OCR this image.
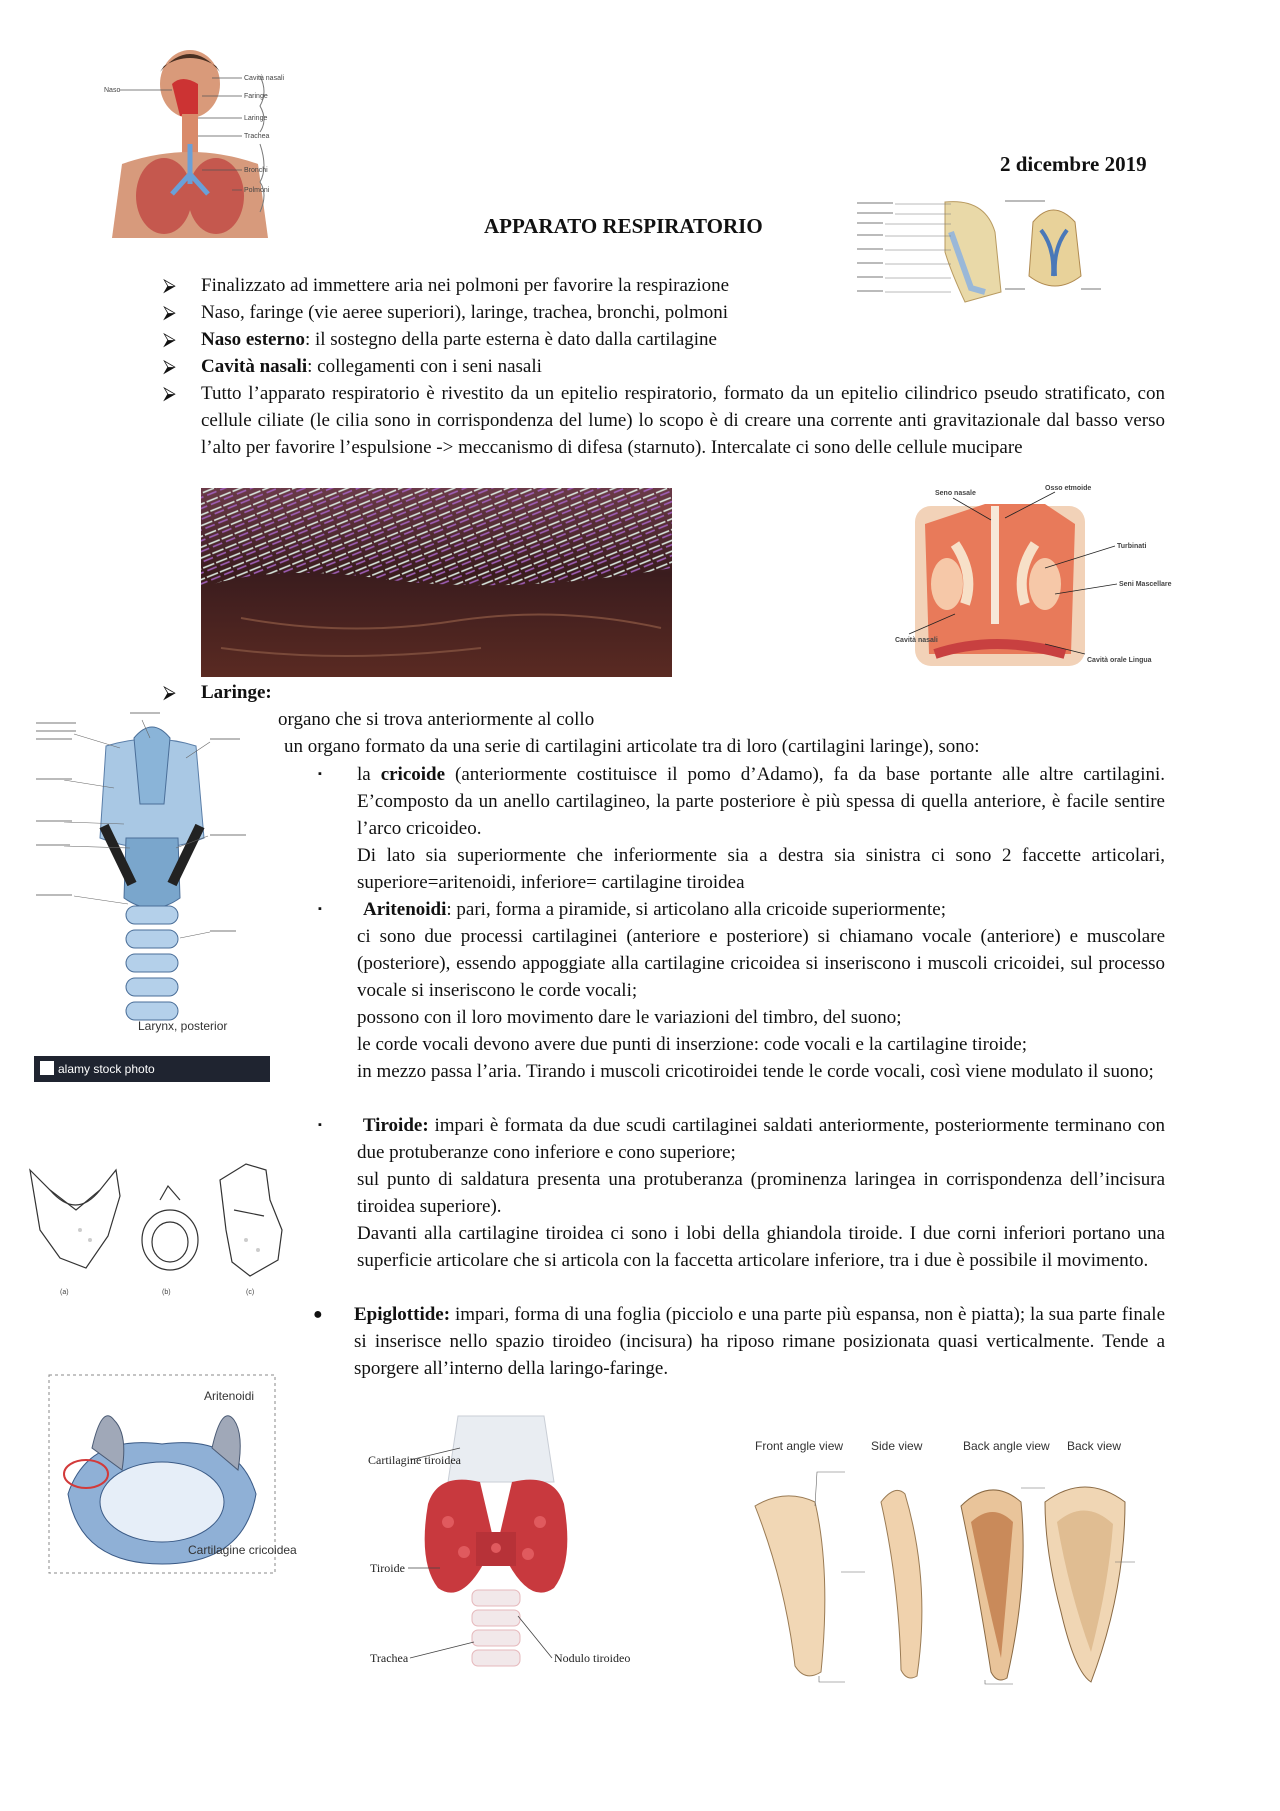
2 dicembre 2019
APPARATO RESPIRATORIO
Naso
Cavità nasali
Faringe
Laringe
Trachea
Bronchi
Polmoni
⮚ Finalizzato ad immettere aria nei polmoni per favorire la respirazione
⮚ Naso, faringe (vie aeree superiori), laringe, trachea, bronchi, polmoni
⮚ Naso esterno: il sostegno della parte esterna è dato dalla cartilagine
⮚ Cavità nasali: collegamenti con i seni nasali
⮚ Tutto l’apparato respiratorio è rivestito da un epitelio respiratorio, formato da un epitelio cilindrico pseudo stratificato, con cellule ciliate (le cilia sono in corrispondenza del lume) lo scopo è di creare una corrente anti gravitazionale dal basso verso l’alto per favorire l’espulsione -> meccanismo di difesa (starnuto). Intercalate ci sono delle cellule mucipare
Seno nasale
Osso etmoide
Turbinati
Seni Mascellare
Cavità nasali
Cavità orale Lingua
⮚ Laringe:
organo che si trova anteriormente al collo
un organo formato da una serie di cartilagini articolate tra di loro (cartilagini laringe), sono:
Larynx, posterior
alamy stock photo
▪ la cricoide (anteriormente costituisce il pomo d’Adamo), fa da base portante alle altre cartilagini. E’composto da un anello cartilagineo, la parte posteriore è più spessa di quella anteriore, è facile sentire l’arco cricoideo.
Di lato sia superiormente che inferiormente sia a destra sia sinistra ci sono 2 faccette articolari, superiore=aritenoidi, inferiore= cartilagine tiroidea
▪ Aritenoidi: pari, forma a piramide, si articolano alla cricoide superiormente;
ci sono due processi cartilaginei (anteriore e posteriore) si chiamano vocale (anteriore) e muscolare (posteriore), essendo appoggiate alla cartilagine cricoidea si inseriscono i muscoli cricoidei, sul processo vocale si inseriscono le corde vocali;
possono con il loro movimento dare le variazioni del timbro, del suono;
le corde vocali devono avere due punti di inserzione: code vocali e la cartilagine tiroide;
in mezzo passa l’aria. Tirando i muscoli cricotiroidei tende le corde vocali, così viene modulato il suono;
(a)	(b)	(c)
▪	Tiroide: impari è formata da due scudi cartilaginei saldati anteriormente, posteriormente terminano con due protuberanze cono inferiore e cono superiore;
sul punto di saldatura presenta una protuberanza (prominenza laringea in corrispondenza dell’incisura tiroidea superiore).
Davanti alla cartilagine tiroidea ci sono i lobi della ghiandola tiroide. I due corni inferiori portano una superficie articolare che si articola con la faccetta articolare inferiore, tra i due è possibile il movimento.
● Epiglottide: impari, forma di una foglia (picciolo e una parte più espansa, non è piatta); la sua parte finale si inserisce nello spazio tiroideo (incisura) ha riposo rimane posizionata quasi verticalmente. Tende a sporgere all’interno della laringo-faringe.
Aritenoidi
Cartilagine cricoidea
Cartilagine tiroidea
Tiroide
Trachea	Nodulo tiroideo
Front angle view Side view	Back angle view Back view
